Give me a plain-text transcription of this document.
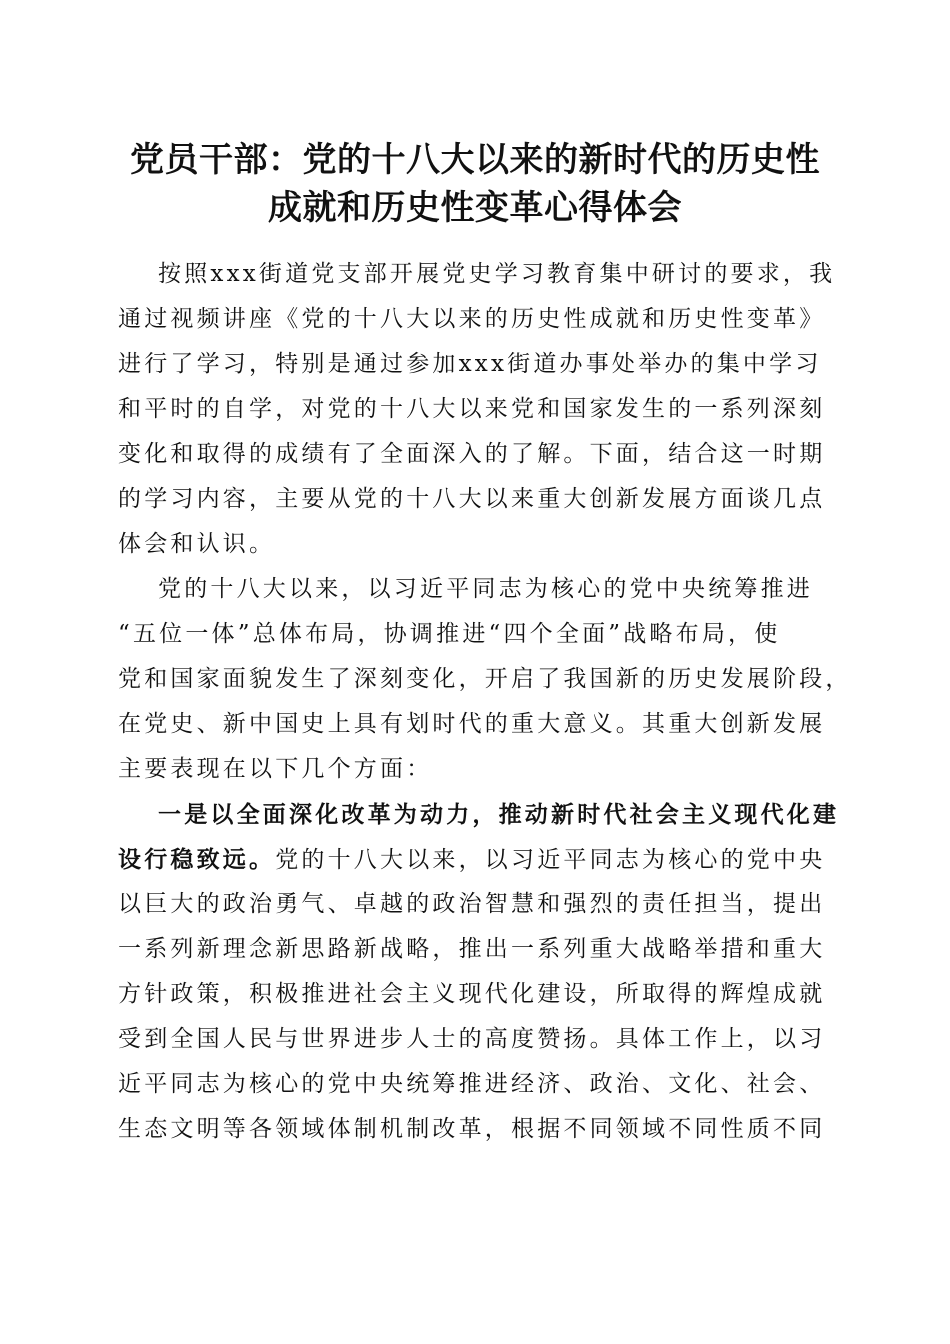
党员干部：党的十八大以来的新时代的历史性
成就和历史性变革心得体会
按照xxx街道党支部开展党史学习教育集中研讨的要求，我
通过视频讲座《党的十八大以来的历史性成就和历史性变革》
进行了学习，特别是通过参加xxx街道办事处举办的集中学习
和平时的自学，对党的十八大以来党和国家发生的一系列深刻
变化和取得的成绩有了全面深入的了解。下面，结合这一时期
的学习内容，主要从党的十八大以来重大创新发展方面谈几点
体会和认识。
党的十八大以来，以习近平同志为核心的党中央统筹推进
“五位一体”总体布局，协调推进“四个全面”战略布局，使
党和国家面貌发生了深刻变化，开启了我国新的历史发展阶段，
在党史、新中国史上具有划时代的重大意义。其重大创新发展
主要表现在以下几个方面：
一是以全面深化改革为动力，推动新时代社会主义现代化建
设行稳致远。党的十八大以来，以习近平同志为核心的党中央
以巨大的政治勇气、卓越的政治智慧和强烈的责任担当，提出
一系列新理念新思路新战略，推出一系列重大战略举措和重大
方针政策，积极推进社会主义现代化建设，所取得的辉煌成就
受到全国人民与世界进步人士的高度赞扬。具体工作上，以习
近平同志为核心的党中央统筹推进经济、政治、文化、社会、
生态文明等各领域体制机制改革，根据不同领域不同性质不同
